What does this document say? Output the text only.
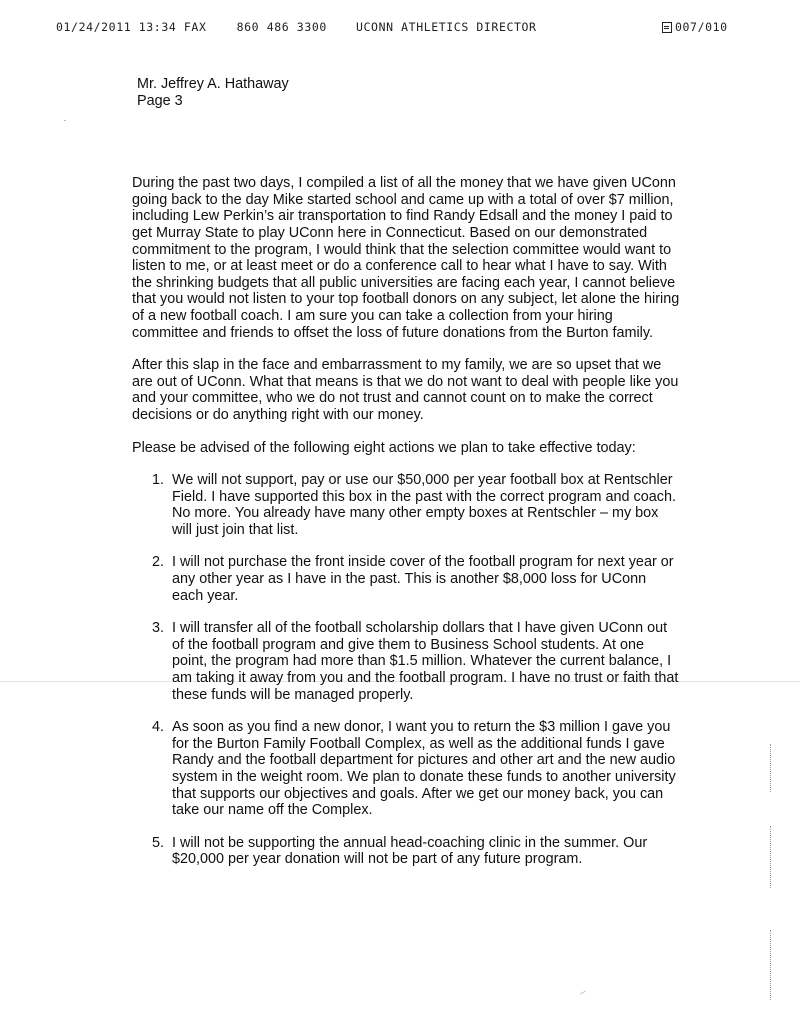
01/24/2011 13:34 FAX	860 486 3300	UCONN ATHLETICS DIRECTOR	007/010
Mr. Jeffrey A. Hathaway
Page 3

During the past two days, I compiled a list of all the money that we have given UConn going back to the day Mike started school and came up with a total of over $7 million, including Lew Perkin’s air transportation to find Randy Edsall and the money I paid to get Murray State to play UConn here in Connecticut. Based on our demonstrated commitment to the program, I would think that the selection committee would want to listen to me, or at least meet or do a conference call to hear what I have to say. With the shrinking budgets that all public universities are facing each year, I cannot believe that you would not listen to your top football donors on any subject, let alone the hiring of a new football coach. I am sure you can take a collection from your hiring committee and friends to offset the loss of future donations from the Burton family.

After this slap in the face and embarrassment to my family, we are so upset that we are out of UConn. What that means is that we do not want to deal with people like you and your committee, who we do not trust and cannot count on to make the correct decisions or do anything right with our money.

Please be advised of the following eight actions we plan to take effective today:

1. We will not support, pay or use our $50,000 per year football box at Rentschler Field. I have supported this box in the past with the correct program and coach. No more. You already have many other empty boxes at Rentschler – my box will just join that list.
2. I will not purchase the front inside cover of the football program for next year or any other year as I have in the past. This is another $8,000 loss for UConn each year.
3. I will transfer all of the football scholarship dollars that I have given UConn out of the football program and give them to Business School students. At one point, the program had more than $1.5 million. Whatever the current balance, I am taking it away from you and the football program. I have no trust or faith that these funds will be managed properly.
4. As soon as you find a new donor, I want you to return the $3 million I gave you for the Burton Family Football Complex, as well as the additional funds I gave Randy and the football department for pictures and other art and the new audio system in the weight room. We plan to donate these funds to another university that supports our objectives and goals. After we get our money back, you can take our name off the Complex.
5. I will not be supporting the annual head-coaching clinic in the summer. Our $20,000 per year donation will not be part of any future program.
